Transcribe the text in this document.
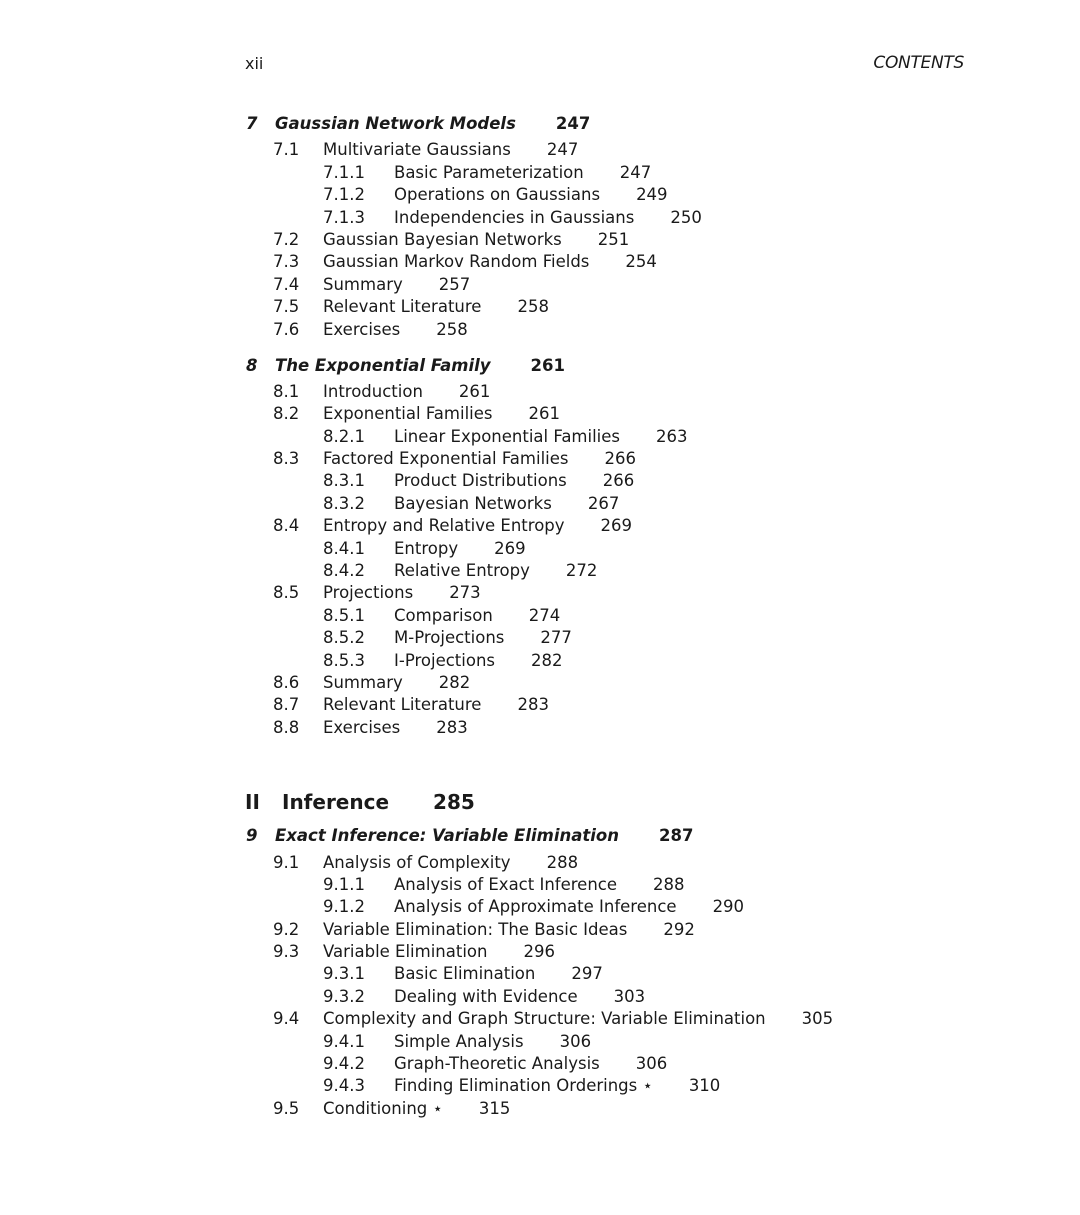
xii	CONTENTS
7 Gaussian Network Models 247
7.1 Multivariate Gaussians 247
7.1.1 Basic Parameterization 247
7.1.2 Operations on Gaussians 249
7.1.3 Independencies in Gaussians 250
7.2 Gaussian Bayesian Networks 251
7.3 Gaussian Markov Random Fields 254
7.4 Summary 257
7.5 Relevant Literature 258
7.6 Exercises 258
8 The Exponential Family 261
8.1 Introduction 261
8.2 Exponential Families 261
8.2.1 Linear Exponential Families 263
8.3 Factored Exponential Families 266
8.3.1 Product Distributions 266
8.3.2 Bayesian Networks 267
8.4 Entropy and Relative Entropy 269
8.4.1 Entropy 269
8.4.2 Relative Entropy 272
8.5 Projections 273
8.5.1 Comparison 274
8.5.2 M-Projections 277
8.5.3 I-Projections 282
8.6 Summary 282
8.7 Relevant Literature 283
8.8 Exercises 283
II Inference 285
9 Exact Inference: Variable Elimination 287
9.1 Analysis of Complexity 288
9.1.1 Analysis of Exact Inference 288
9.1.2 Analysis of Approximate Inference 290
9.2 Variable Elimination: The Basic Ideas 292
9.3 Variable Elimination 296
9.3.1 Basic Elimination 297
9.3.2 Dealing with Evidence 303
9.4 Complexity and Graph Structure: Variable Elimination 305
9.4.1 Simple Analysis 306
9.4.2 Graph-Theoretic Analysis 306
9.4.3 Finding Elimination Orderings ⋆ 310
9.5 Conditioning ⋆ 315
